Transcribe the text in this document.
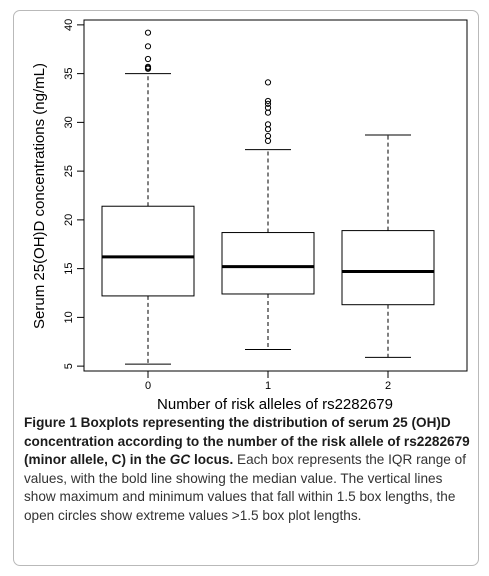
5
10
15
20
25
30
35
40
0	1	2
Serum 25(OH)D concentrations (ng/mL)
Number of risk alleles of rs2282679

Figure 1 Boxplots representing the distribution of serum 25 (OH)D concentration according to the number of the risk allele of rs2282679 (minor allele, C) in the GC locus. Each box represents the IQR range of values, with the bold line showing the median value. The vertical lines show maximum and minimum values that fall within 1.5 box lengths, the open circles show extreme values >1.5 box plot lengths.
